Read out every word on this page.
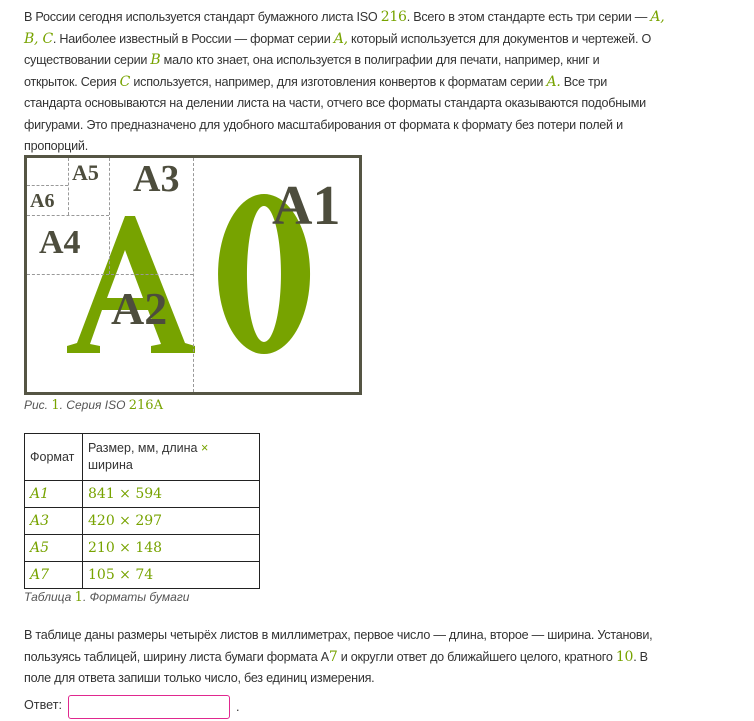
В России сегодня используется стандарт бумажного листа ISO 216. Всего в этом стандарте есть три серии — A,
B, C. Наиболее известный в России — формат серии A, который используется для документов и чертежей. О
существовании серии B мало кто знает, она используется в полиграфии для печати, например, книг и
открыток. Серия C используется, например, для изготовления конвертов к форматам серии A. Все три
стандарта основываются на делении листа на части, отчего все форматы стандарта оказываются подобными
фигурами. Это предназначено для удобного масштабирования от формата к формату без потери полей и
пропорций.
A1
A2
A3
A4
A5
A6
Рис. 1. Серия ISO 216A
Формат	Размер, мм, длина ×
ширина
A1	841 × 594
A3	420 × 297
A5	210 × 148
A7	105 × 74
Таблица 1. Форматы бумаги
В таблице даны размеры четырёх листов в миллиметрах, первое число — длина, второе — ширина. Установи,
пользуясь таблицей, ширину листа бумаги формата А7 и округли ответ до ближайшего целого, кратного 10. В
поле для ответа запиши только число, без единиц измерения.
Ответ:	.
